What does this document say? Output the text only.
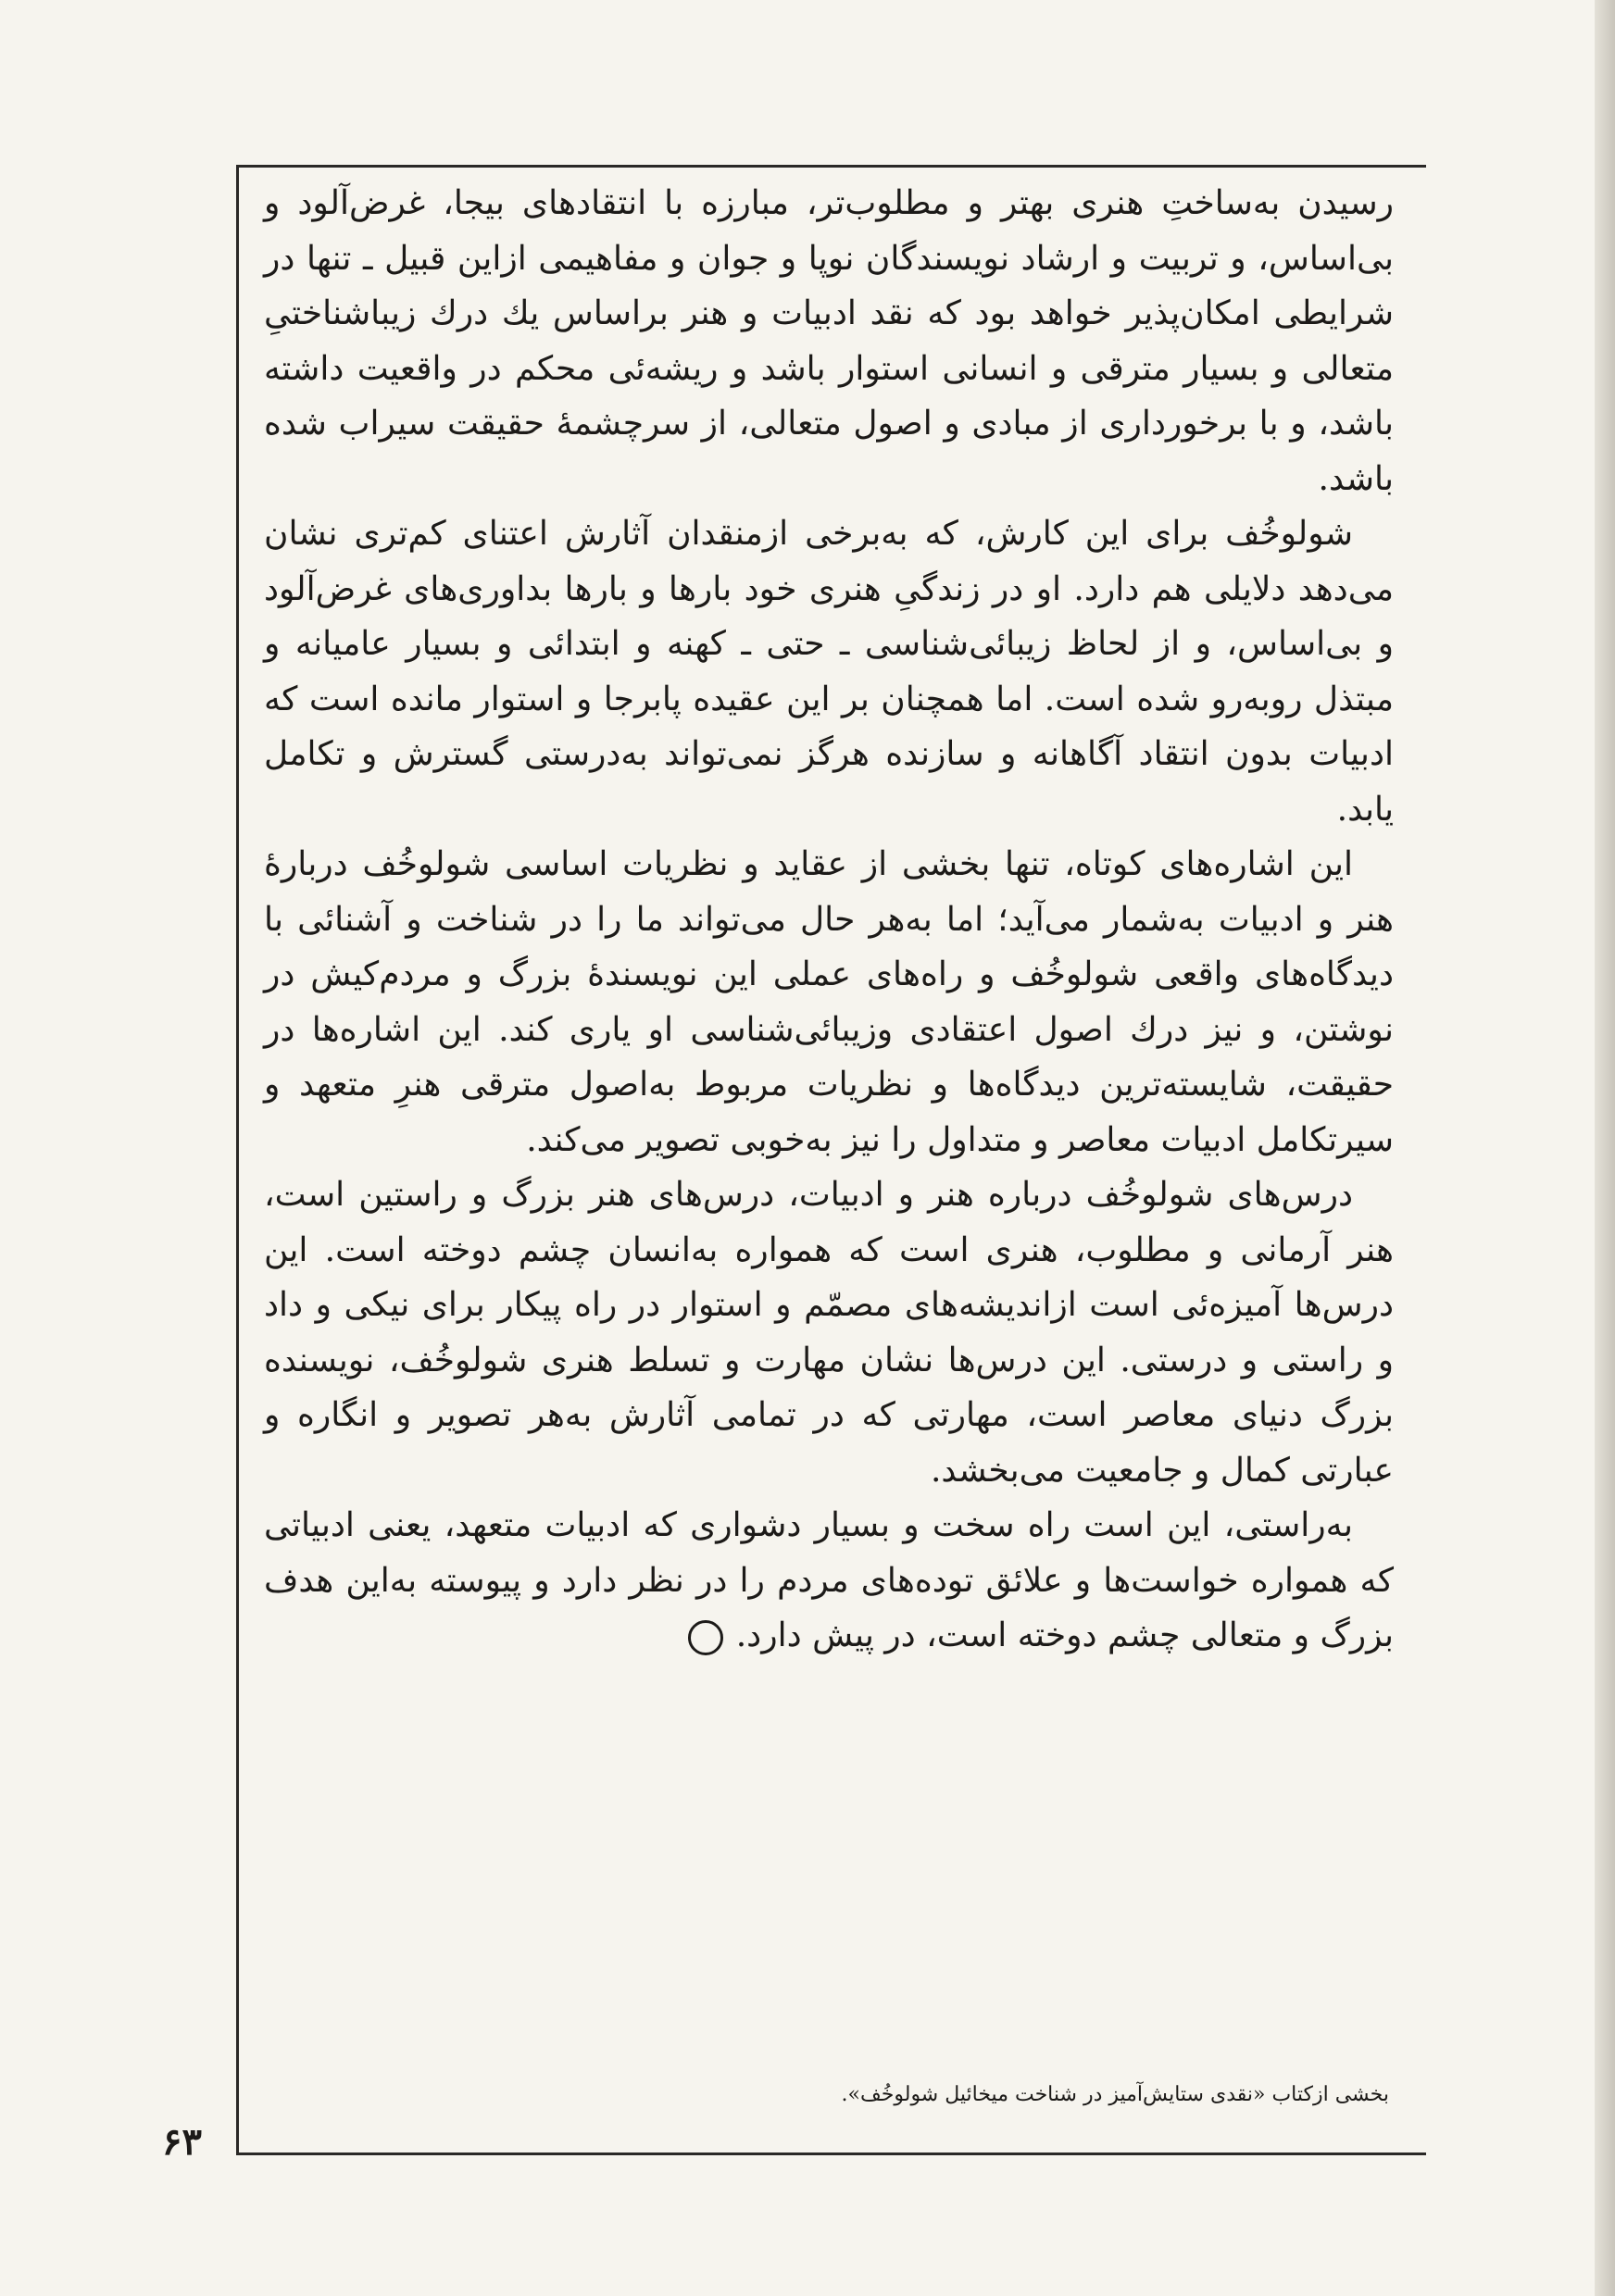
رسیدن به‌ساختِ هنری بهتر و مطلوب‌تر، مبارزه با انتقادهای بیجا، غرض‌آلود و بی‌اساس، و تربیت و ارشاد نویسندگان نوپا و جوان و مفاهیمی ازاین قبیل ـ تنها در شرایطی امکان‌پذیر خواهد بود که نقد ادبیات و هنر براساس یك درك زیباشناختیِ متعالی و بسیار مترقی و انسانی استوار باشد و ریشه‌ئی محکم در واقعیت داشته باشد، و با برخورداری از مبادی و اصول متعالی، از سرچشمهٔ حقیقت سیراب شده باشد.

شولوخُف برای این کارش، که به‌برخی ازمنقدان آثارش اعتنای کم‌تری نشان می‌دهد دلایلی هم دارد. او در زندگیِ هنری خود بارها و بارها بداوری‌های غرض‌آلود و بی‌اساس، و از لحاظ زیبائی‌شناسی ـ حتی ـ کهنه و ابتدائی و بسیار عامیانه و مبتذل روبه‌رو شده است. اما همچنان بر این عقیده پابرجا و استوار مانده است که ادبیات بدون انتقاد آگاهانه و سازنده هرگز نمی‌تواند به‌درستی گسترش و تکامل یابد.

این اشاره‌های کوتاه، تنها بخشی از عقاید و نظریات اساسی شولوخُف دربارهٔ هنر و ادبیات به‌شمار می‌آید؛ اما به‌هر حال می‌تواند ما را در شناخت و آشنائی با دیدگاه‌های واقعی شولوخُف و راه‌های عملی این نویسندهٔ بزرگ و مردم‌کیش در نوشتن، و نیز درك اصول اعتقادی وزیبائی‌شناسی او یاری کند. این اشاره‌ها در حقیقت، شایسته‌ترین دیدگاه‌ها و نظریات مربوط به‌اصول مترقی هنرِ متعهد و سیرتکامل ادبیات معاصر و متداول را نیز به‌خوبی تصویر می‌کند.

درس‌های شولوخُف درباره هنر و ادبیات، درس‌های هنر بزرگ و راستین است، هنر آرمانی و مطلوب، هنری است که همواره به‌انسان چشم دوخته است. این درس‌ها آمیزه‌ئی است ازاندیشه‌های مصمّم و استوار در راه پیکار برای نیکی و داد و راستی و درستی. این درس‌ها نشان مهارت و تسلط هنری شولوخُف، نویسنده بزرگ دنیای معاصر است، مهارتی که در تمامی آثارش به‌هر تصویر و انگاره و عبارتی کمال و جامعیت می‌بخشد.

به‌راستی، این است راه سخت و بسیار دشواری که ادبیات متعهد، یعنی ادبیاتی که همواره خواست‌ها و علائق توده‌های مردم را در نظر دارد و پیوسته به‌این هدف بزرگ و متعالی چشم دوخته است، در پیش دارد.

بخشی ازکتاب «نقدی ستایش‌آمیز در شناخت میخائیل شولوخُف».
۶۳
